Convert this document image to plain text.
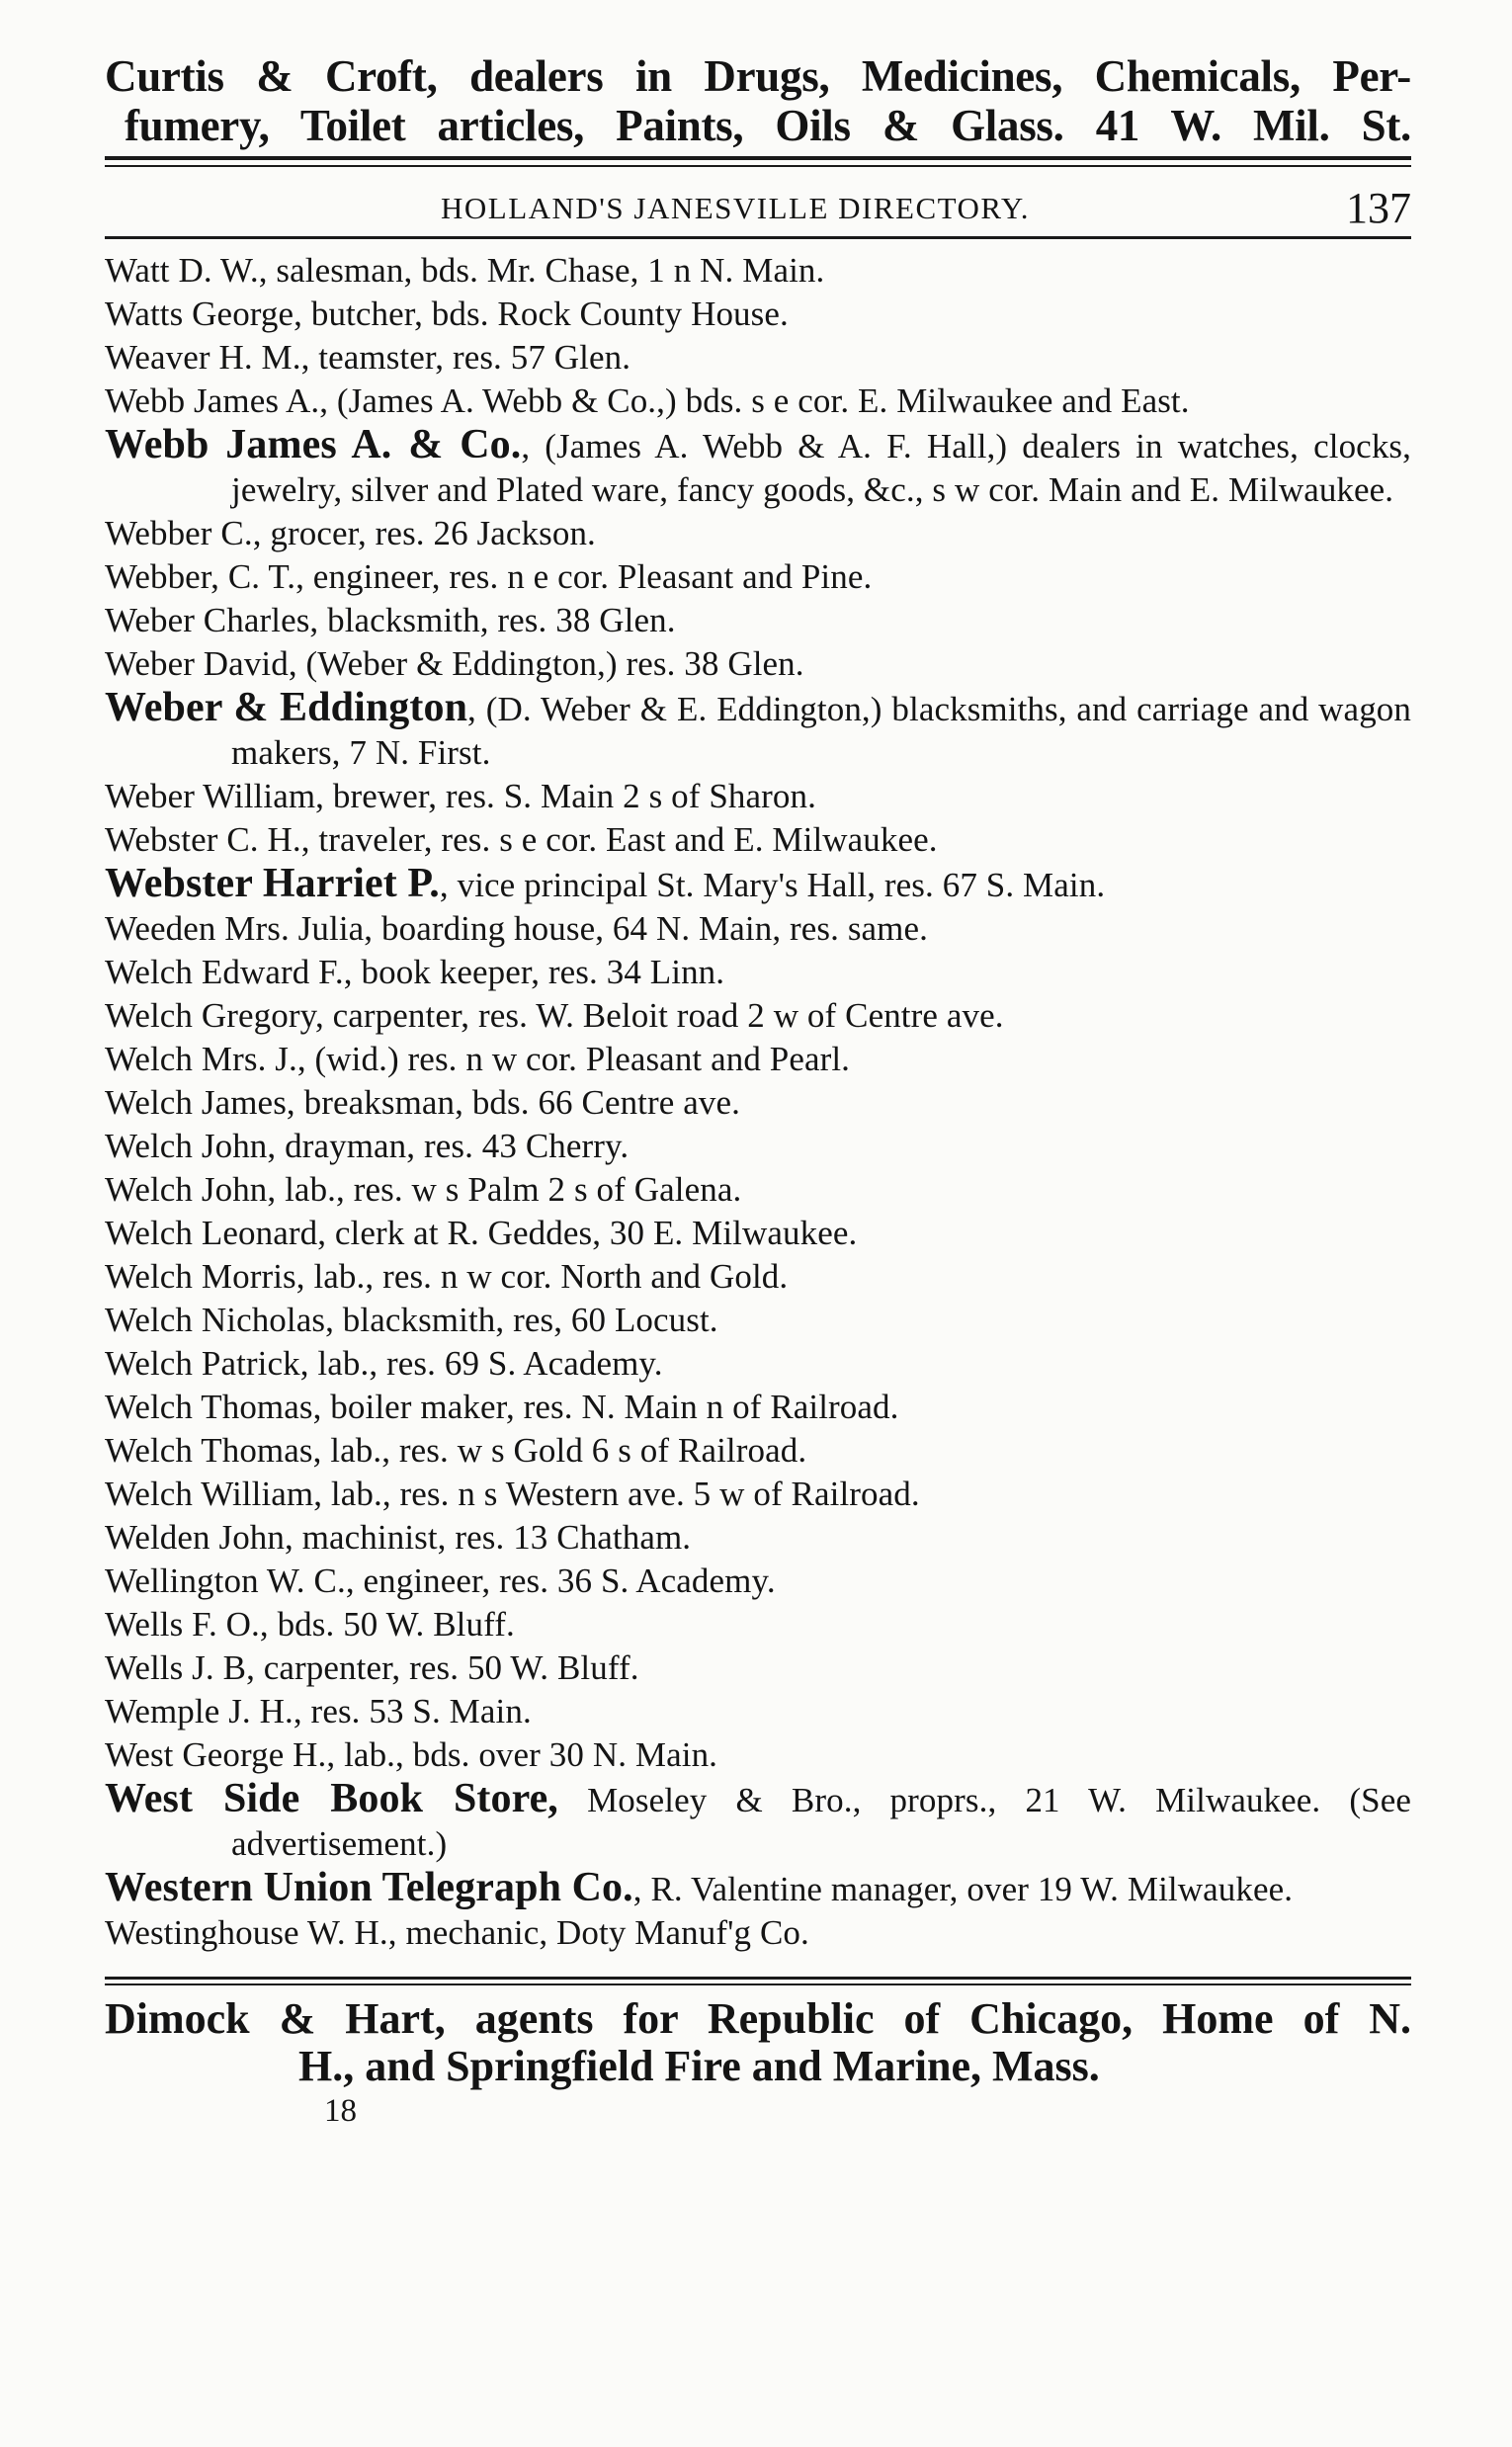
Curtis & Croft, dealers in Drugs, Medicines, Chemicals, Per-
fumery, Toilet articles, Paints, Oils & Glass. 41 W. Mil. St.
HOLLAND'S JANESVILLE DIRECTORY.	137
Watt D. W., salesman, bds. Mr. Chase, 1 n N. Main.
Watts George, butcher, bds. Rock County House.
Weaver H. M., teamster, res. 57 Glen.
Webb James A., (James A. Webb & Co.,) bds. s e cor. E. Milwaukee and East.
Webb James A. & Co., (James A. Webb & A. F. Hall,) dealers in watches, clocks, jewelry, silver and Plated ware, fancy goods, &c., s w cor. Main and E. Milwaukee.
Webber C., grocer, res. 26 Jackson.
Webber, C. T., engineer, res. n e cor. Pleasant and Pine.
Weber Charles, blacksmith, res. 38 Glen.
Weber David, (Weber & Eddington,) res. 38 Glen.
Weber & Eddington, (D. Weber & E. Eddington,) blacksmiths, and carriage and wagon makers, 7 N. First.
Weber William, brewer, res. S. Main 2 s of Sharon.
Webster C. H., traveler, res. s e cor. East and E. Milwaukee.
Webster Harriet P., vice principal St. Mary's Hall, res. 67 S. Main.
Weeden Mrs. Julia, boarding house, 64 N. Main, res. same.
Welch Edward F., book keeper, res. 34 Linn.
Welch Gregory, carpenter, res. W. Beloit road 2 w of Centre ave.
Welch Mrs. J., (wid.) res. n w cor. Pleasant and Pearl.
Welch James, breaksman, bds. 66 Centre ave.
Welch John, drayman, res. 43 Cherry.
Welch John, lab., res. w s Palm 2 s of Galena.
Welch Leonard, clerk at R. Geddes, 30 E. Milwaukee.
Welch Morris, lab., res. n w cor. North and Gold.
Welch Nicholas, blacksmith, res, 60 Locust.
Welch Patrick, lab., res. 69 S. Academy.
Welch Thomas, boiler maker, res. N. Main n of Railroad.
Welch Thomas, lab., res. w s Gold 6 s of Railroad.
Welch William, lab., res. n s Western ave. 5 w of Railroad.
Welden John, machinist, res. 13 Chatham.
Wellington W. C., engineer, res. 36 S. Academy.
Wells F. O., bds. 50 W. Bluff.
Wells J. B, carpenter, res. 50 W. Bluff.
Wemple J. H., res. 53 S. Main.
West George H., lab., bds. over 30 N. Main.
West Side Book Store, Moseley & Bro., proprs., 21 W. Milwaukee. (See advertisement.)
Western Union Telegraph Co., R. Valentine manager, over 19 W. Milwaukee.
Westinghouse W. H., mechanic, Doty Manuf'g Co.
Dimock & Hart, agents for Republic of Chicago, Home of N.
H., and Springfield Fire and Marine, Mass.
18
